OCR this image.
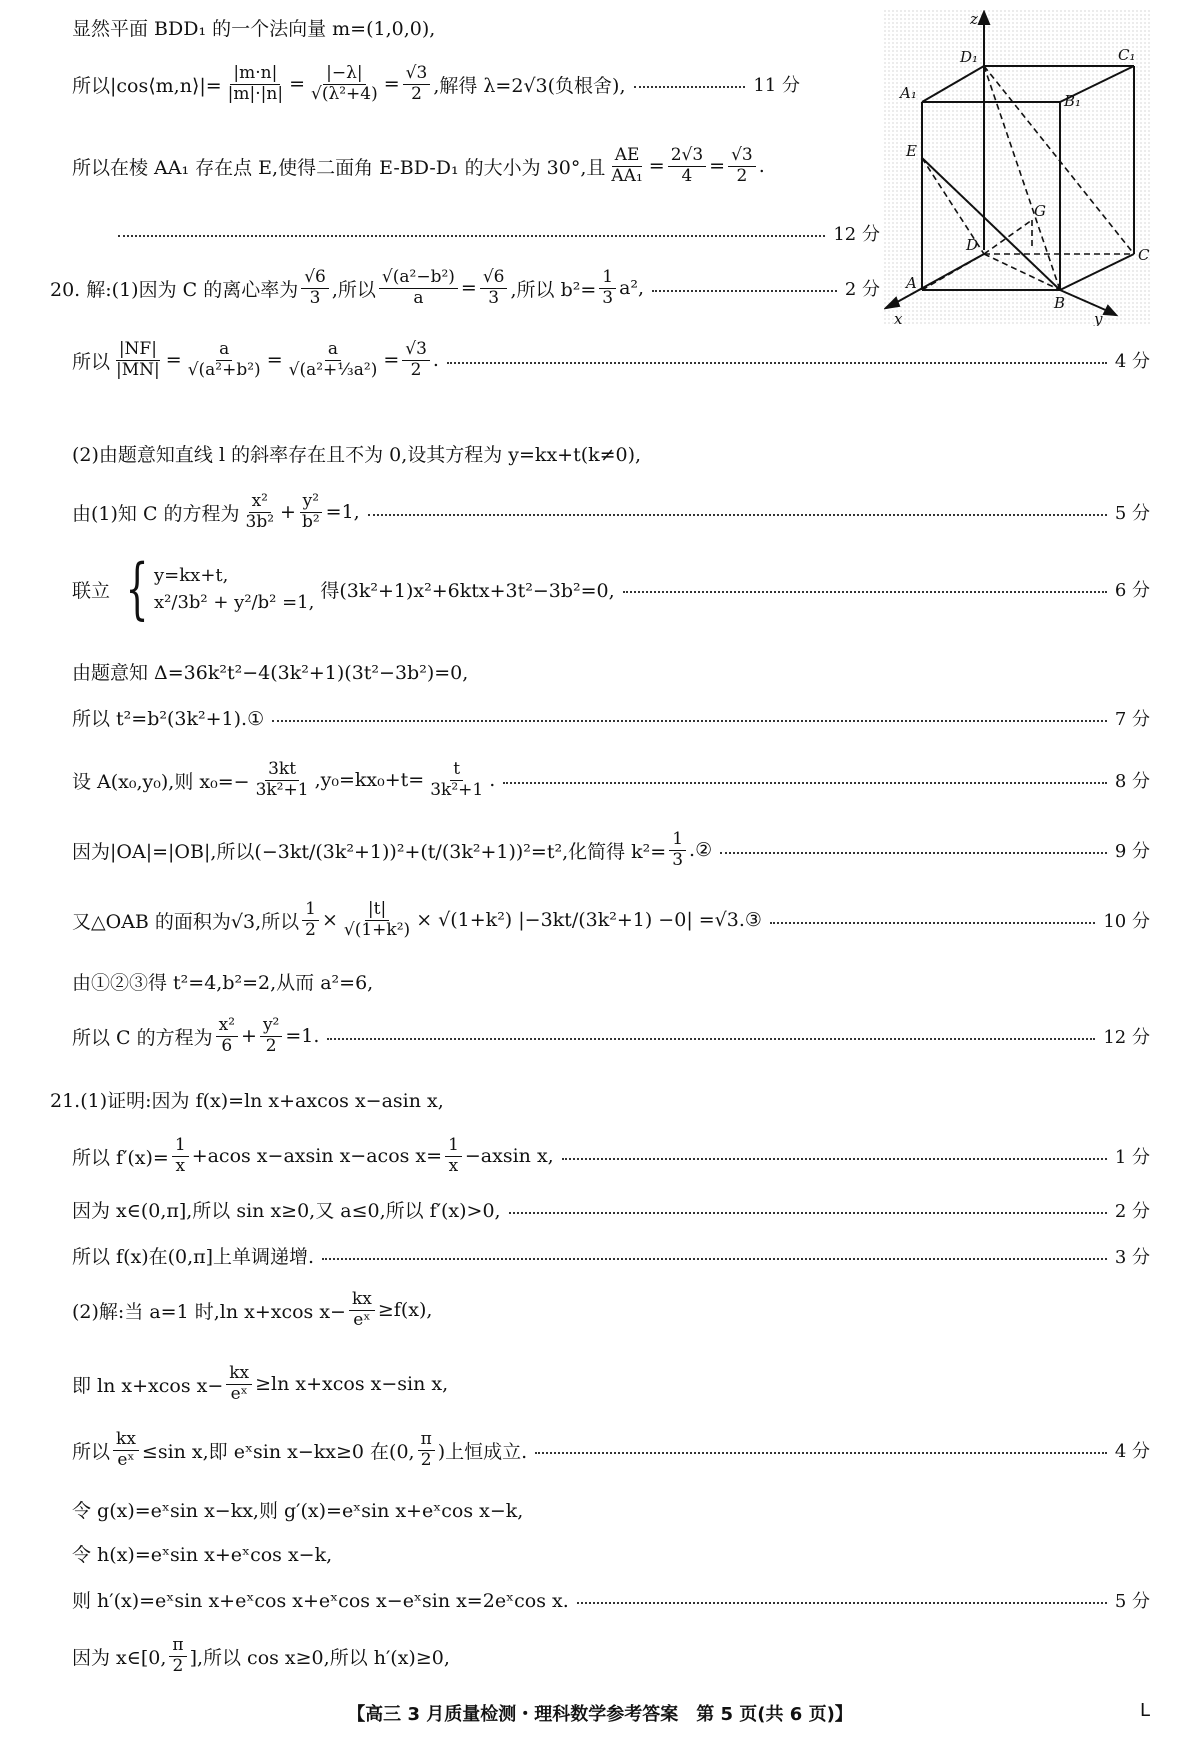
显然平面 BDD₁ 的一个法向量 m=(1,0,0),
所以|cos⟨m,n⟩|= $\frac{|m\cdot n|}{|m|\cdot|n|} = \frac{|-\lambda|}{\text{√(λ²+4)}} = \frac{√3}{2}$ ,解得 λ=2√3(负根舍),	11 分
所以在棱 AA₁ 存在点 E,使得二面角 E-BD-D₁ 的大小为 30°,且 $\frac{AE}{\text{AA₁}} = \frac{2√3}{4} = \frac{√3}{2}$ .
12 分
20. 解:(1)因为 C 的离心率为 $\frac{√6}{3}$ ,所以 $\frac{\text{√(a²−b²)}}{a} = \frac{√6}{3}$ ,所以 $b^2= \frac{1}{3} a^2$,	2 分
所以 $\frac{|NF|}{|MN|} = \frac{a}{\text{√(a²+b²)}} = \frac{a}{\text{√(a²+⅓a²)}} = \frac{√3}{2}$ .	4 分
(2)由题意知直线 l 的斜率存在且不为 0,设其方程为 y=kx+t(k≠0),
由(1)知 C 的方程为 $\frac{\text{x²}}{\text{3b²}} + \frac{\text{y²}}{\text{b²}} =1$,	5 分
联立 { y=kx+t,
x²/3b² + y²/b² =1,
得(3k²+1)x²+6ktx+3t²−3b²=0,	6 分
由题意知 Δ=36k²t²−4(3k²+1)(3t²−3b²)=0,
所以 t²=b²(3k²+1).①	7 分
设 A(x₀,y₀),则 $x_0=- \frac{3kt}{\text{3k²+1}} ,y_0=kx_0+t= \frac{t}{\text{3k²+1}}$ .	8 分
因为|OA|=|OB|,所以(−3kt/(3k²+1))²+(t/(3k²+1))²=t²,化简得 $k^2= \frac{1}{3}$ .②	9 分
又△OAB 的面积为√3,所以 $\frac{1}{2} \times \frac{|t|}{\text{√(1+k²)}} \times √(1+k^2)$ |−3kt/(3k²+1) −0| =√3.③	10 分
由①②③得 t²=4,b²=2,从而 a²=6,
所以 C 的方程为 $\frac{\text{x²}}{6} + \frac{\text{y²}}{2} =1$.	12 分
21.(1)证明:因为 f(x)=ln x+axcos x−asin x,
所以 $f'(x)= \frac{1}{x} +acos$ x−axsin x−acos $x= \frac{1}{x} -axsin$ x,	1 分
因为 x∈(0,π],所以 sin x≥0,又 a≤0,所以 f′(x)>0,	2 分
所以 f(x)在(0,π]上单调递增.	3 分
(2)解:当 a=1 时,ln x+xcos $x- \frac{kx}{\text{eˣ}} \ge f(x)$,
即 ln x+xcos $x- \frac{kx}{\text{eˣ}} \ge\ln$ x+xcos x−sin x,
所以 $\frac{kx}{\text{eˣ}} \le\sin$ x,即 eˣsin x−kx≥0 在(0, $\frac{\pi}{2}$ )上恒成立.	4 分
令 g(x)=eˣsin x−kx,则 g′(x)=eˣsin x+eˣcos x−k,
令 h(x)=eˣsin x+eˣcos x−k,
则 h′(x)=eˣsin x+eˣcos x+eˣcos x−eˣsin x=2eˣcos x.	5 分
因为 x∈[0, $\frac{\pi}{2}$ ],所以 cos x≥0,所以 h′(x)≥0,
z
D₁	C₁
A₁	B₁
E
G
D
C
A
B
x	y
【高三 3 月质量检测・理科数学参考答案　第 5 页(共 6 页)】	L
